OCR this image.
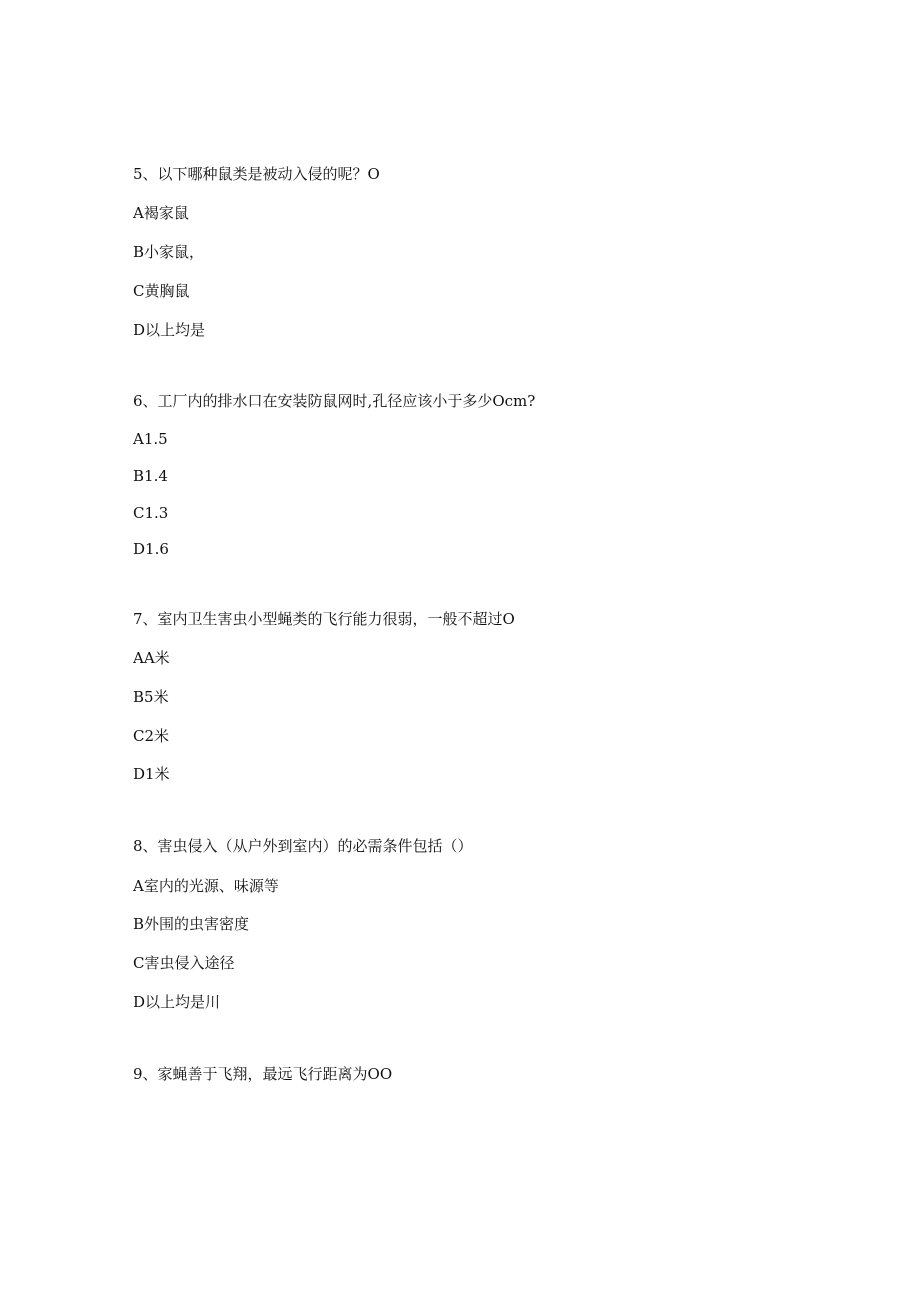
5、以下哪种鼠类是被动入侵的呢？O
A褐家鼠
B小家鼠，
C黄胸鼠
D以上均是
6、工厂内的排水口在安装防鼠网时,孔径应该小于多少Ocm?
A1.5
B1.4
C1.3
D1.6
7、室内卫生害虫小型蝇类的飞行能力很弱，一般不超过O
AA米
B5米
C2米
D1米
8、害虫侵入（从户外到室内）的必需条件包括（）
A室内的光源、味源等
B外围的虫害密度
C害虫侵入途径
D以上均是川
9、家蝇善于飞翔，最远飞行距离为OO
